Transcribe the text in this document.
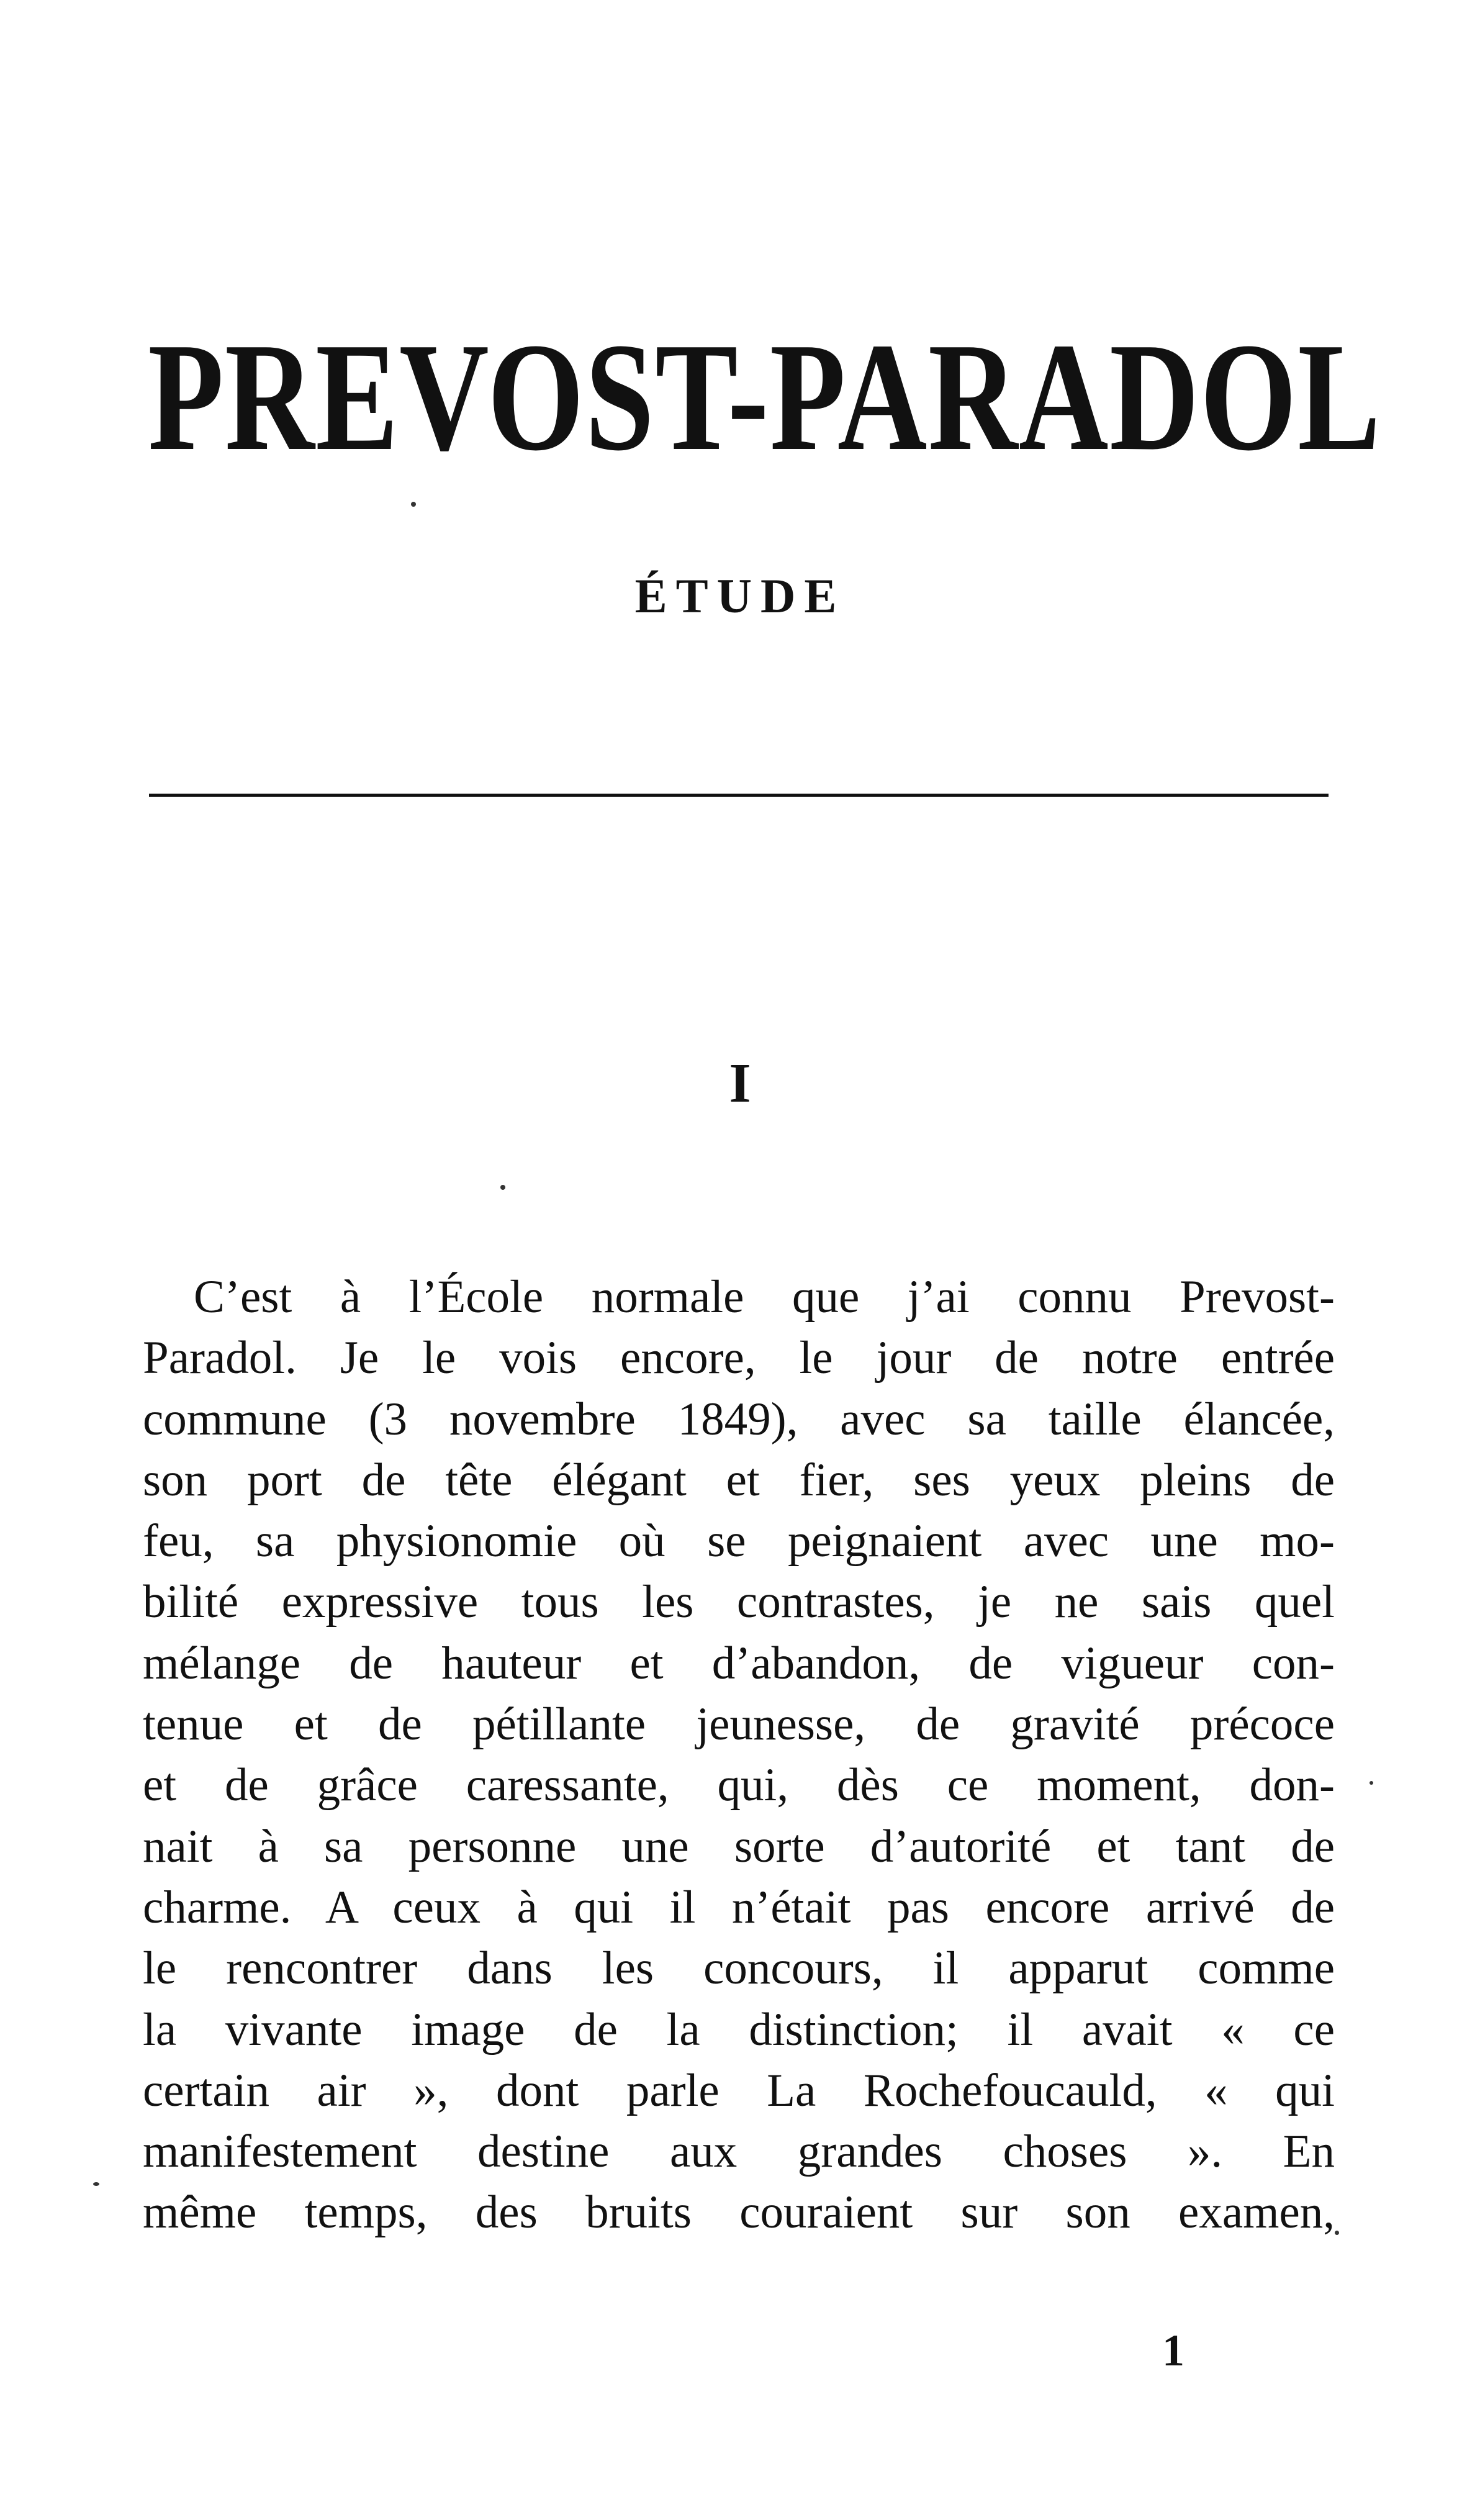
PREVOST-PARADOL
ÉTUDE
I
C’est à l’École normale que j’ai connu Prevost-
Paradol. Je le vois encore, le jour de notre entrée
commune (3 novembre 1849), avec sa taille élancée,
son port de tête élégant et fier, ses yeux pleins de
feu, sa physionomie où se peignaient avec une mo-
bilité expressive tous les contrastes, je ne sais quel
mélange de hauteur et d’abandon, de vigueur con-
tenue et de pétillante jeunesse, de gravité précoce
et de grâce caressante, qui, dès ce moment, don-
nait à sa personne une sorte d’autorité et tant de
charme. A ceux à qui il n’était pas encore arrivé de
le rencontrer dans les concours, il apparut comme
la vivante image de la distinction; il avait « ce
certain air », dont parle La Rochefoucauld, « qui
manifestement destine aux grandes choses ». En
même temps, des bruits couraient sur son examen,
1
